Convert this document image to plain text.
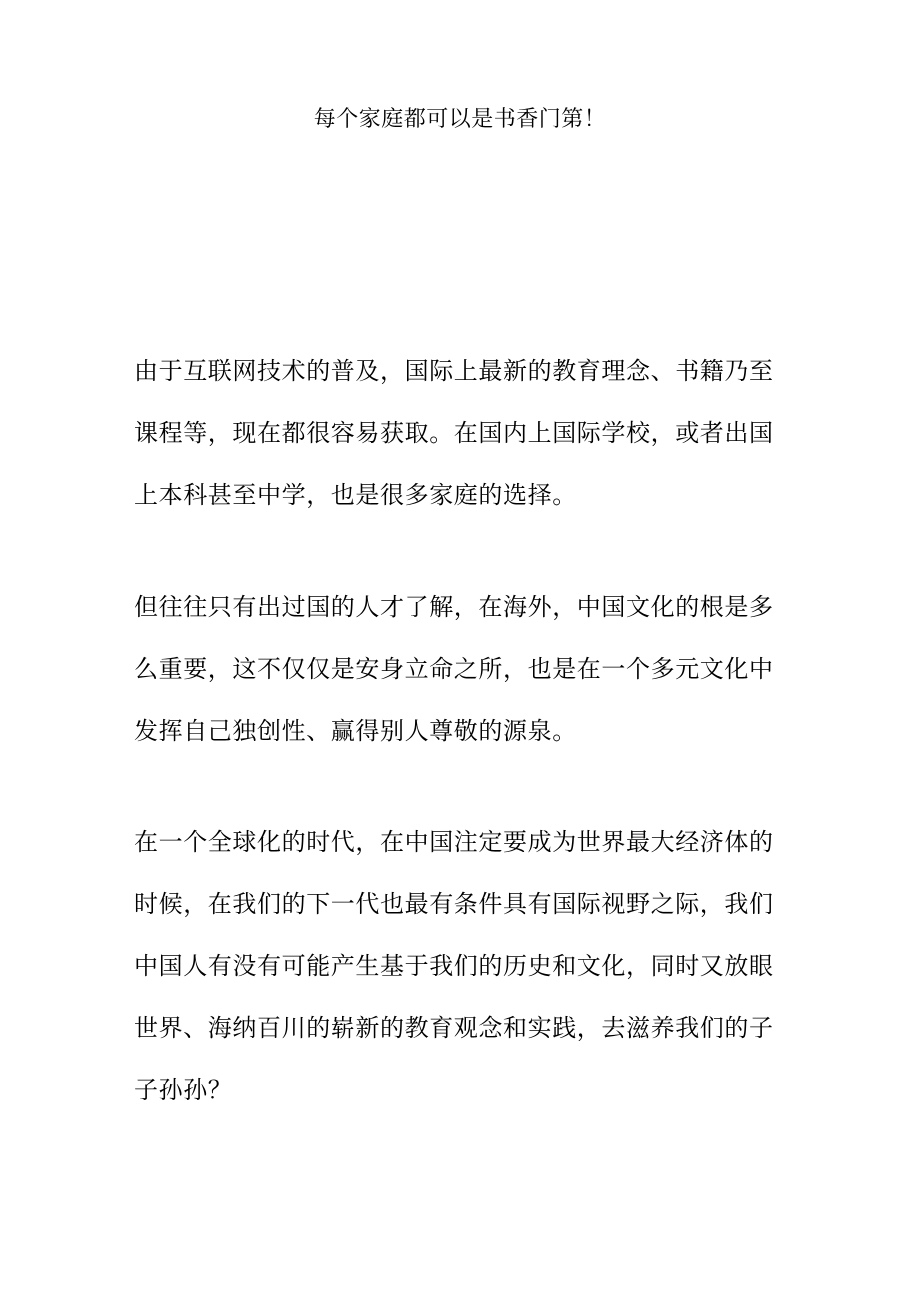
每个家庭都可以是书香门第！

由于互联网技术的普及，国际上最新的教育理念、书籍乃至
课程等，现在都很容易获取。在国内上国际学校，或者出国
上本科甚至中学，也是很多家庭的选择。

但往往只有出过国的人才了解，在海外，中国文化的根是多
么重要，这不仅仅是安身立命之所，也是在一个多元文化中
发挥自己独创性、赢得别人尊敬的源泉。

在一个全球化的时代，在中国注定要成为世界最大经济体的
时候，在我们的下一代也最有条件具有国际视野之际，我们
中国人有没有可能产生基于我们的历史和文化，同时又放眼
世界、海纳百川的崭新的教育观念和实践，去滋养我们的子
子孙孙？
